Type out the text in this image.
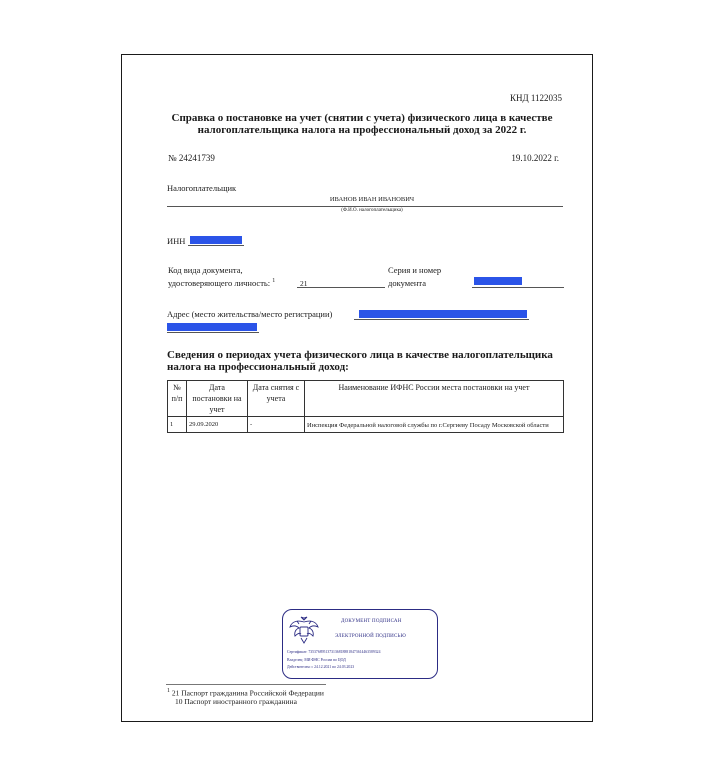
КНД 1122035
Справка о постановке на учет (снятии с учета) физического лица в качестве налогоплательщика налога на профессиональный доход за 2022 г.
№ 24241739	19.10.2022 г.
Налогоплательщик
ИВАНОВ ИВАН ИВАНОВИЧ
(Ф.И.О. налогоплательщика)
ИНН
Код вида документа,
удостоверяющего личность: $^1$	21
Серия и номер
документа
Адрес (место жительства/место регистрации)
Сведения о периодах учета физического лица в качестве налогоплательщика налога на профессиональный доход:
№ п/п	Дата постановки на учет	Дата снятия с учета	Наименование ИФНС России места постановки на учет
1	29.09.2020	-	Инспекция Федеральной налоговой службы по г.Сергиеву Посаду Московской области
ДОКУМЕНТ ПОДПИСАН
ЭЛЕКТРОННОЙ ПОДПИСЬЮ
Сертификат: 73537689513731368188818473614463589324
Владелец: МИ ФНС России по ЦОД
Действителен: с 24.12.2021 по 24.03.2023
$^1$ 21 Паспорт гражданина Российской Федерации
10 Паспорт иностранного гражданина
